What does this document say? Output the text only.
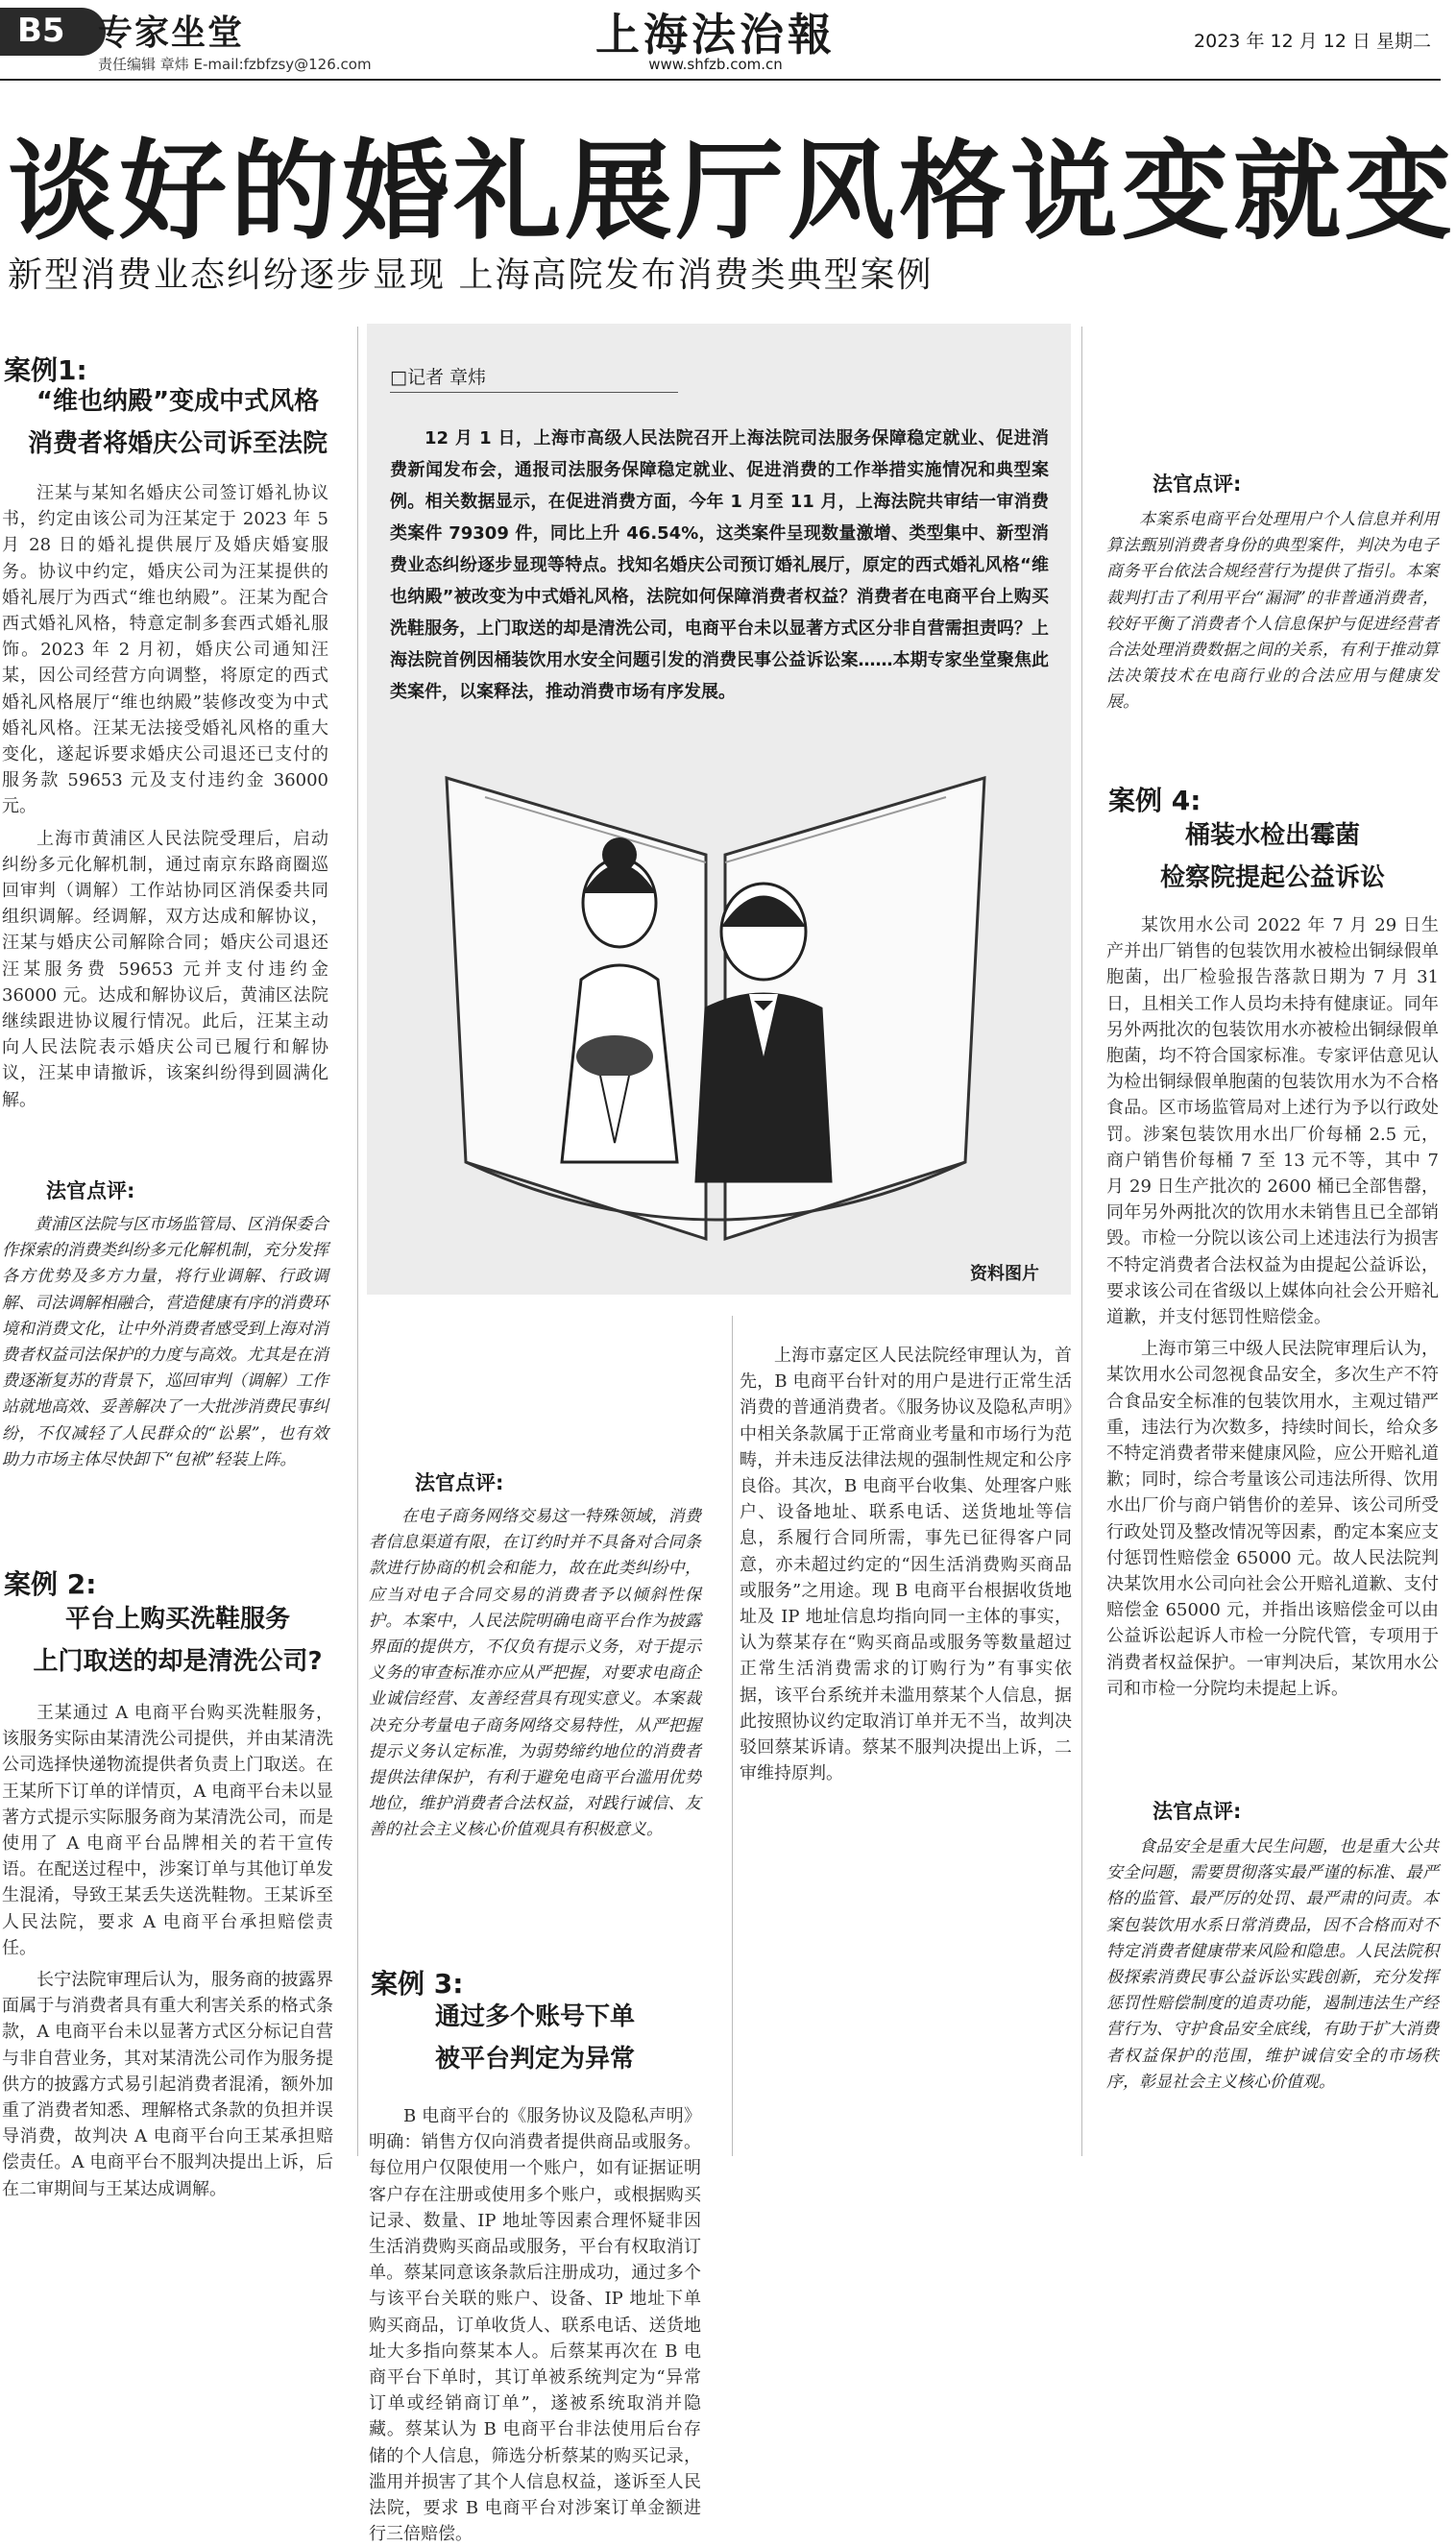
B5 专家坐堂
责任编辑 章炜 E-mail:fzbfzsy@126.com
上海法治報
www.shfzb.com.cn
2023 年 12 月 12 日 星期二
谈好的婚礼展厅风格说变就变
新型消费业态纠纷逐步显现 上海高院发布消费类典型案例
案例1:
“维也纳殿”变成中式风格
消费者将婚庆公司诉至法院

汪某与某知名婚庆公司签订婚礼协议书，约定由该公司为汪某定于 2023 年 5 月 28 日的婚礼提供展厅及婚庆婚宴服务。协议中约定，婚庆公司为汪某提供的婚礼展厅为西式“维也纳殿”。汪某为配合西式婚礼风格，特意定制多套西式婚礼服饰。2023 年 2 月初，婚庆公司通知汪某，因公司经营方向调整，将原定的西式婚礼风格展厅“维也纳殿”装修改变为中式婚礼风格。汪某无法接受婚礼风格的重大变化，遂起诉要求婚庆公司退还已支付的服务款 59653 元及支付违约金 36000 元。

上海市黄浦区人民法院受理后，启动纠纷多元化解机制，通过南京东路商圈巡回审判（调解）工作站协同区消保委共同组织调解。经调解，双方达成和解协议，汪某与婚庆公司解除合同；婚庆公司退还汪某服务费 59653 元并支付违约金 36000 元。达成和解协议后，黄浦区法院继续跟进协议履行情况。此后，汪某主动向人民法院表示婚庆公司已履行和解协议，汪某申请撤诉，该案纠纷得到圆满化解。

法官点评:

黄浦区法院与区市场监管局、区消保委合作探索的消费类纠纷多元化解机制，充分发挥各方优势及多方力量，将行业调解、行政调解、司法调解相融合，营造健康有序的消费环境和消费文化，让中外消费者感受到上海对消费者权益司法保护的力度与高效。尤其是在消费逐渐复苏的背景下，巡回审判（调解）工作站就地高效、妥善解决了一大批涉消费民事纠纷，不仅减轻了人民群众的“讼累”，也有效助力市场主体尽快卸下“包袱”轻装上阵。

案例 2:
平台上购买洗鞋服务
上门取送的却是清洗公司?

王某通过 A 电商平台购买洗鞋服务，该服务实际由某清洗公司提供，并由某清洗公司选择快递物流提供者负责上门取送。在王某所下订单的详情页，A 电商平台未以显著方式提示实际服务商为某清洗公司，而是使用了 A 电商平台品牌相关的若干宣传语。在配送过程中，涉案订单与其他订单发生混淆，导致王某丢失送洗鞋物。王某诉至人民法院，要求 A 电商平台承担赔偿责任。

长宁法院审理后认为，服务商的披露界面属于与消费者具有重大利害关系的格式条款，A 电商平台未以显著方式区分标记自营与非自营业务，其对某清洗公司作为服务提供方的披露方式易引起消费者混淆，额外加重了消费者知悉、理解格式条款的负担并误导消费，故判决 A 电商平台向王某承担赔偿责任。A 电商平台不服判决提出上诉，后在二审期间与王某达成调解。

□记者 章炜

12 月 1 日，上海市高级人民法院召开上海法院司法服务保障稳定就业、促进消费新闻发布会，通报司法服务保障稳定就业、促进消费的工作举措实施情况和典型案例。相关数据显示，在促进消费方面，今年 1 月至 11 月，上海法院共审结一审消费类案件 79309 件，同比上升 46.54%，这类案件呈现数量激增、类型集中、新型消费业态纠纷逐步显现等特点。找知名婚庆公司预订婚礼展厅，原定的西式婚礼风格“维也纳殿”被改变为中式婚礼风格，法院如何保障消费者权益？消费者在电商平台上购买洗鞋服务，上门取送的却是清洗公司，电商平台未以显著方式区分非自营需担责吗？上海法院首例因桶装饮用水安全问题引发的消费民事公益诉讼案……本期专家坐堂聚焦此类案件，以案释法，推动消费市场有序发展。

资料图片
法官点评:

在电子商务网络交易这一特殊领域，消费者信息渠道有限，在订约时并不具备对合同条款进行协商的机会和能力，故在此类纠纷中，应当对电子合同交易的消费者予以倾斜性保护。本案中，人民法院明确电商平台作为披露界面的提供方，不仅负有提示义务，对于提示义务的审查标准亦应从严把握，对要求电商企业诚信经营、友善经营具有现实意义。本案裁决充分考量电子商务网络交易特性，从严把握提示义务认定标准，为弱势缔约地位的消费者提供法律保护，有利于避免电商平台滥用优势地位，维护消费者合法权益，对践行诚信、友善的社会主义核心价值观具有积极意义。

案例 3:
通过多个账号下单
被平台判定为异常

B 电商平台的《服务协议及隐私声明》明确：销售方仅向消费者提供商品或服务。每位用户仅限使用一个账户，如有证据证明客户存在注册或使用多个账户，或根据购买记录、数量、IP 地址等因素合理怀疑非因生活消费购买商品或服务，平台有权取消订单。蔡某同意该条款后注册成功，通过多个与该平台关联的账户、设备、IP 地址下单购买商品，订单收货人、联系电话、送货地址大多指向蔡某本人。后蔡某再次在 B 电商平台下单时，其订单被系统判定为“异常订单或经销商订单”，遂被系统取消并隐藏。蔡某认为 B 电商平台非法使用后台存储的个人信息，筛选分析蔡某的购买记录，滥用并损害了其个人信息权益，遂诉至人民法院，要求 B 电商平台对涉案订单金额进行三倍赔偿。

上海市嘉定区人民法院经审理认为，首先，B 电商平台针对的用户是进行正常生活消费的普通消费者。《服务协议及隐私声明》中相关条款属于正常商业考量和市场行为范畴，并未违反法律法规的强制性规定和公序良俗。其次，B 电商平台收集、处理客户账户、设备地址、联系电话、送货地址等信息，系履行合同所需，事先已征得客户同意，亦未超过约定的“因生活消费购买商品或服务”之用途。现 B 电商平台根据收货地址及 IP 地址信息均指向同一主体的事实，认为蔡某存在“购买商品或服务等数量超过正常生活消费需求的订购行为”有事实依据，该平台系统并未滥用蔡某个人信息，据此按照协议约定取消订单并无不当，故判决驳回蔡某诉请。蔡某不服判决提出上诉，二审维持原判。

法官点评:

本案系电商平台处理用户个人信息并利用算法甄别消费者身份的典型案件，判决为电子商务平台依法合规经营行为提供了指引。本案裁判打击了利用平台“漏洞”的非普通消费者，较好平衡了消费者个人信息保护与促进经营者合法处理消费数据之间的关系，有利于推动算法决策技术在电商行业的合法应用与健康发展。

案例 4:
桶装水检出霉菌
检察院提起公益诉讼

某饮用水公司 2022 年 7 月 29 日生产并出厂销售的包装饮用水被检出铜绿假单胞菌，出厂检验报告落款日期为 7 月 31 日，且相关工作人员均未持有健康证。同年另外两批次的包装饮用水亦被检出铜绿假单胞菌，均不符合国家标准。专家评估意见认为检出铜绿假单胞菌的包装饮用水为不合格食品。区市场监管局对上述行为予以行政处罚。涉案包装饮用水出厂价每桶 2.5 元，商户销售价每桶 7 至 13 元不等，其中 7 月 29 日生产批次的 2600 桶已全部售罄，同年另外两批次的饮用水未销售且已全部销毁。市检一分院以该公司上述违法行为损害不特定消费者合法权益为由提起公益诉讼，要求该公司在省级以上媒体向社会公开赔礼道歉，并支付惩罚性赔偿金。

上海市第三中级人民法院审理后认为，某饮用水公司忽视食品安全，多次生产不符合食品安全标准的包装饮用水，主观过错严重，违法行为次数多，持续时间长，给众多不特定消费者带来健康风险，应公开赔礼道歉；同时，综合考量该公司违法所得、饮用水出厂价与商户销售价的差异、该公司所受行政处罚及整改情况等因素，酌定本案应支付惩罚性赔偿金 65000 元。故人民法院判决某饮用水公司向社会公开赔礼道歉、支付赔偿金 65000 元，并指出该赔偿金可以由公益诉讼起诉人市检一分院代管，专项用于消费者权益保护。一审判决后，某饮用水公司和市检一分院均未提起上诉。

法官点评:

食品安全是重大民生问题，也是重大公共安全问题，需要贯彻落实最严谨的标准、最严格的监管、最严厉的处罚、最严肃的问责。本案包装饮用水系日常消费品，因不合格而对不特定消费者健康带来风险和隐患。人民法院积极探索消费民事公益诉讼实践创新，充分发挥惩罚性赔偿制度的追责功能，遏制违法生产经营行为、守护食品安全底线，有助于扩大消费者权益保护的范围，维护诚信安全的市场秩序，彰显社会主义核心价值观。
